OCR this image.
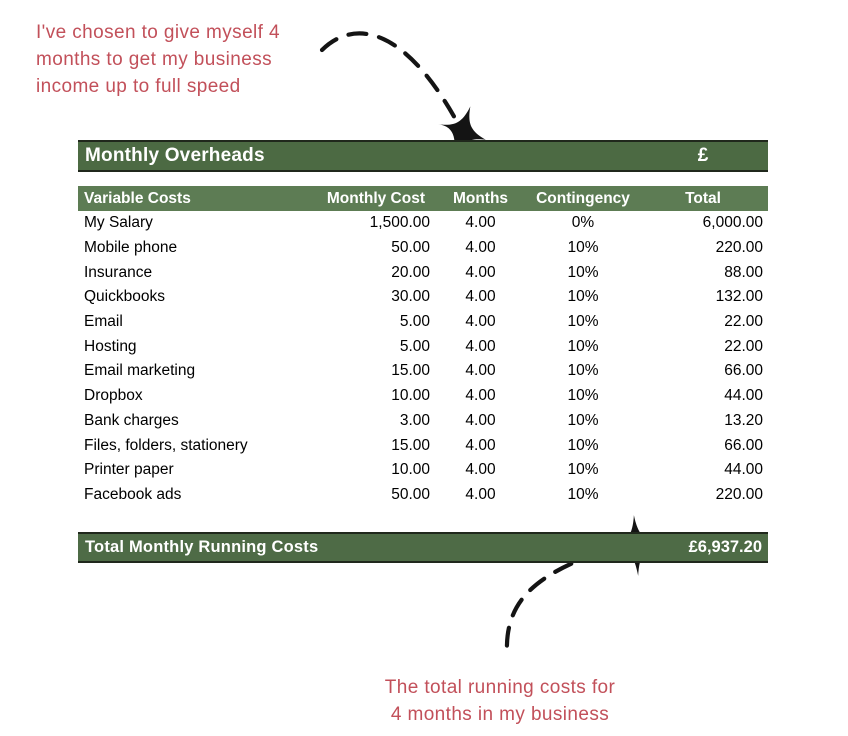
I've chosen to give myself 4
months to get my business
income up to full speed
Monthly Overheads	£
Variable Costs	Monthly Cost	Months	Contingency	Total
My Salary	1,500.00	4.00	0%	6,000.00
Mobile phone	50.00	4.00	10%	220.00
Insurance	20.00	4.00	10%	88.00
Quickbooks	30.00	4.00	10%	132.00
Email	5.00	4.00	10%	22.00
Hosting	5.00	4.00	10%	22.00
Email marketing	15.00	4.00	10%	66.00
Dropbox	10.00	4.00	10%	44.00
Bank charges	3.00	4.00	10%	13.20
Files, folders, stationery	15.00	4.00	10%	66.00
Printer paper	10.00	4.00	10%	44.00
Facebook ads	50.00	4.00	10%	220.00
Total Monthly Running Costs	£6,937.20
The total running costs for
4 months in my business
